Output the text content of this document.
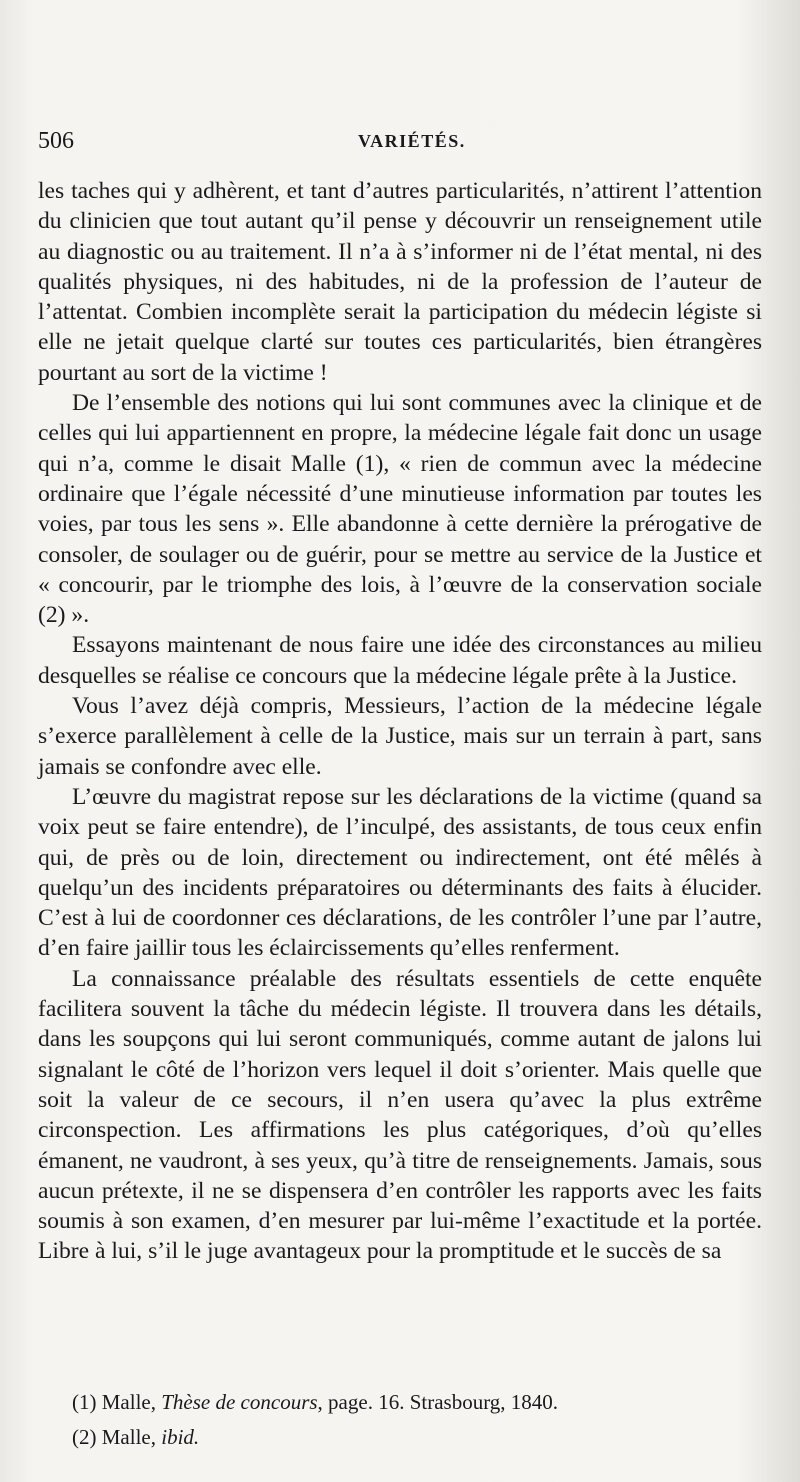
506	VARIÉTÉS.

les taches qui y adhèrent, et tant d’autres particularités, n’attirent l’attention du clinicien que tout autant qu’il pense y découvrir un renseignement utile au diagnostic ou au traitement. Il n’a à s’informer ni de l’état mental, ni des qualités physiques, ni des habitudes, ni de la profession de l’auteur de l’attentat. Combien incomplète serait la participation du médecin légiste si elle ne jetait quelque clarté sur toutes ces particularités, bien étrangères pourtant au sort de la victime !

De l’ensemble des notions qui lui sont communes avec la clinique et de celles qui lui appartiennent en propre, la médecine légale fait donc un usage qui n’a, comme le disait Malle (1), « rien de commun avec la médecine ordinaire que l’égale nécessité d’une minutieuse information par toutes les voies, par tous les sens ». Elle abandonne à cette dernière la prérogative de consoler, de soulager ou de guérir, pour se mettre au service de la Justice et « concourir, par le triomphe des lois, à l’œuvre de la conservation sociale (2) ».

Essayons maintenant de nous faire une idée des circonstances au milieu desquelles se réalise ce concours que la médecine légale prête à la Justice.

Vous l’avez déjà compris, Messieurs, l’action de la médecine légale s’exerce parallèlement à celle de la Justice, mais sur un terrain à part, sans jamais se confondre avec elle.

L’œuvre du magistrat repose sur les déclarations de la victime (quand sa voix peut se faire entendre), de l’inculpé, des assistants, de tous ceux enfin qui, de près ou de loin, directement ou indirectement, ont été mêlés à quelqu’un des incidents préparatoires ou déterminants des faits à élucider. C’est à lui de coordonner ces déclarations, de les contrôler l’une par l’autre, d’en faire jaillir tous les éclaircissements qu’elles renferment.

La connaissance préalable des résultats essentiels de cette enquête facilitera souvent la tâche du médecin légiste. Il trouvera dans les détails, dans les soupçons qui lui seront communiqués, comme autant de jalons lui signalant le côté de l’horizon vers lequel il doit s’orienter. Mais quelle que soit la valeur de ce secours, il n’en usera qu’avec la plus extrême circonspection. Les affirmations les plus catégoriques, d’où qu’elles émanent, ne vaudront, à ses yeux, qu’à titre de renseignements. Jamais, sous aucun prétexte, il ne se dispensera d’en contrôler les rapports avec les faits soumis à son examen, d’en mesurer par lui-même l’exactitude et la portée. Libre à lui, s’il le juge avantageux pour la promptitude et le succès de sa

(1) Malle, Thèse de concours, page. 16. Strasbourg, 1840.
(2) Malle, ibid.
